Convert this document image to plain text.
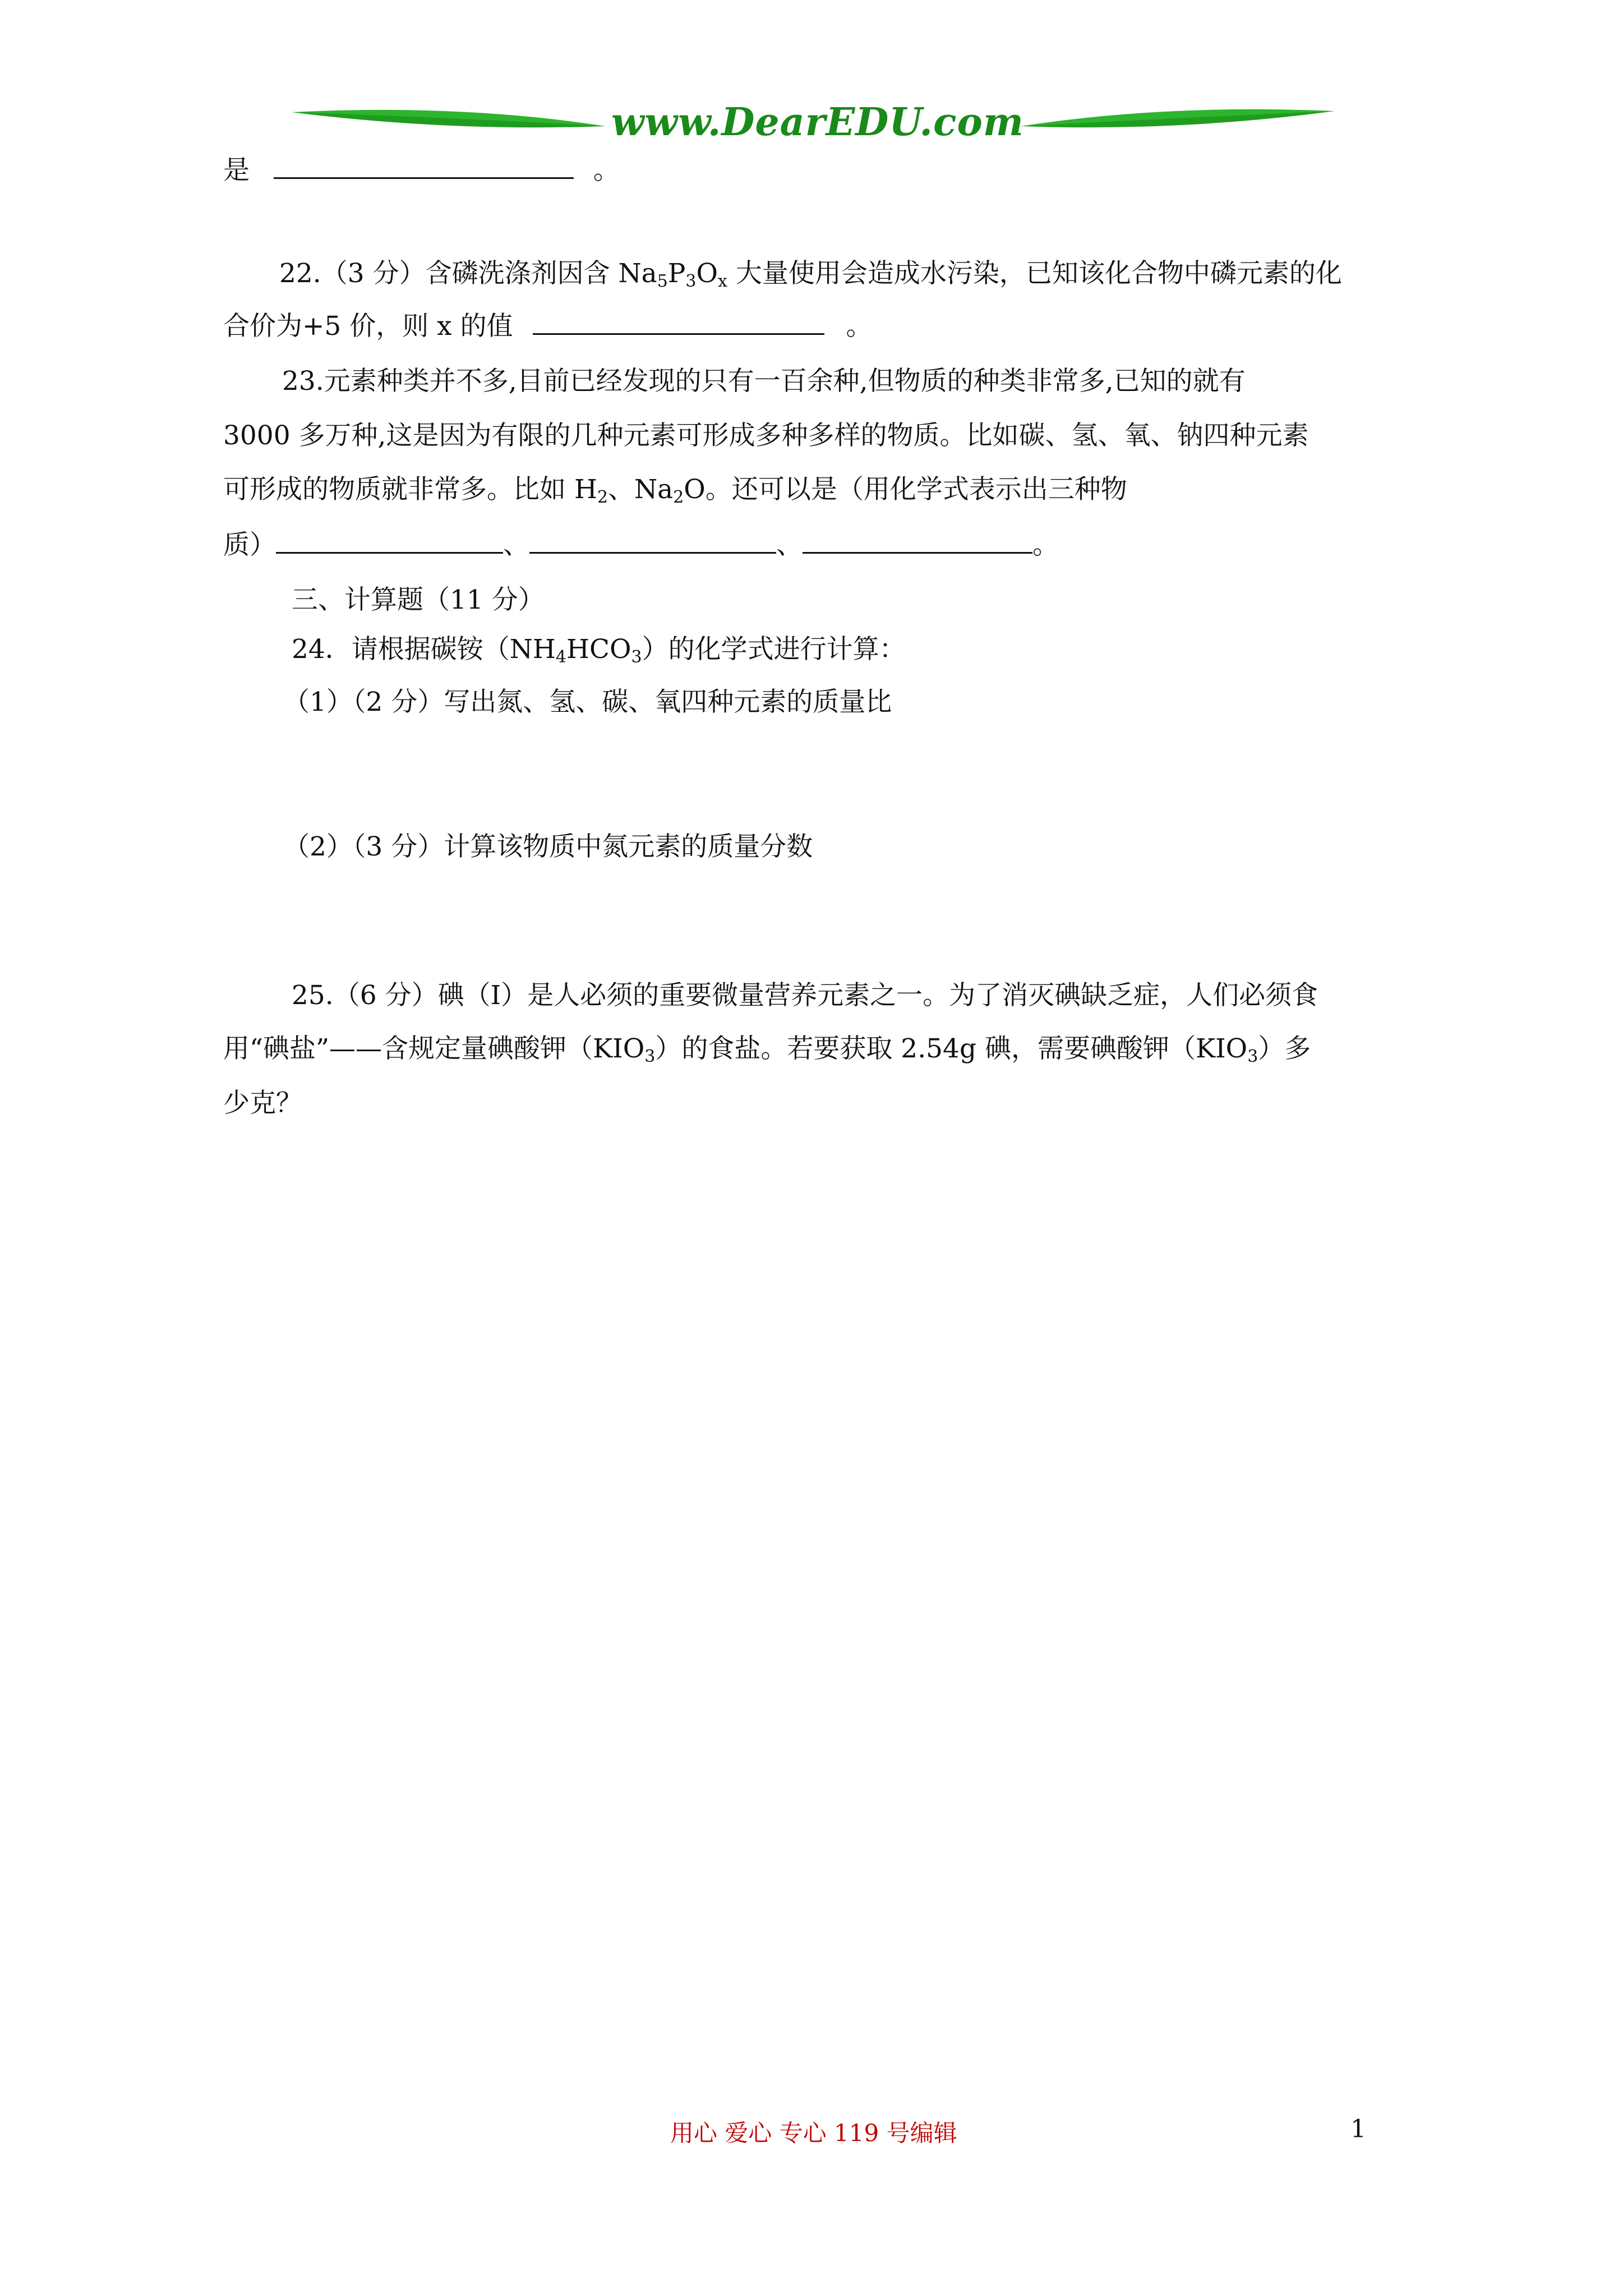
www.DearEDU.com
是	。
22.（3 分）含磷洗涤剂因含 $Na_5P_3O_x$ 大量使用会造成水污染，已知该化合物中磷元素的化
合价为+5 价，则 x 的值	。
23.元素种类并不多,目前已经发现的只有一百余种,但物质的种类非常多,已知的就有
3000 多万种,这是因为有限的几种元素可形成多种多样的物质。比如碳、氢、氧、钠四种元素
可形成的物质就非常多。比如 $H_2$、$Na_2O$。还可以是（用化学式表示出三种物
质）	、	、	。
三、计算题（11 分）
24．请根据碳铵$(NH_4HCO_3)$的化学式进行计算：
（1）（2 分）写出氮、氢、碳、氧四种元素的质量比
（2）（3 分）计算该物质中氮元素的质量分数
25.（6 分）碘（I）是人必须的重要微量营养元素之一。为了消灭碘缺乏症，人们必须食
用“碘盐”——含规定量碘酸钾$(KIO_3)$的食盐。若要获取 2.54g 碘，需要碘酸钾$(KIO_3)$多
少克？
用心 爱心 专心 119 号编辑	1
